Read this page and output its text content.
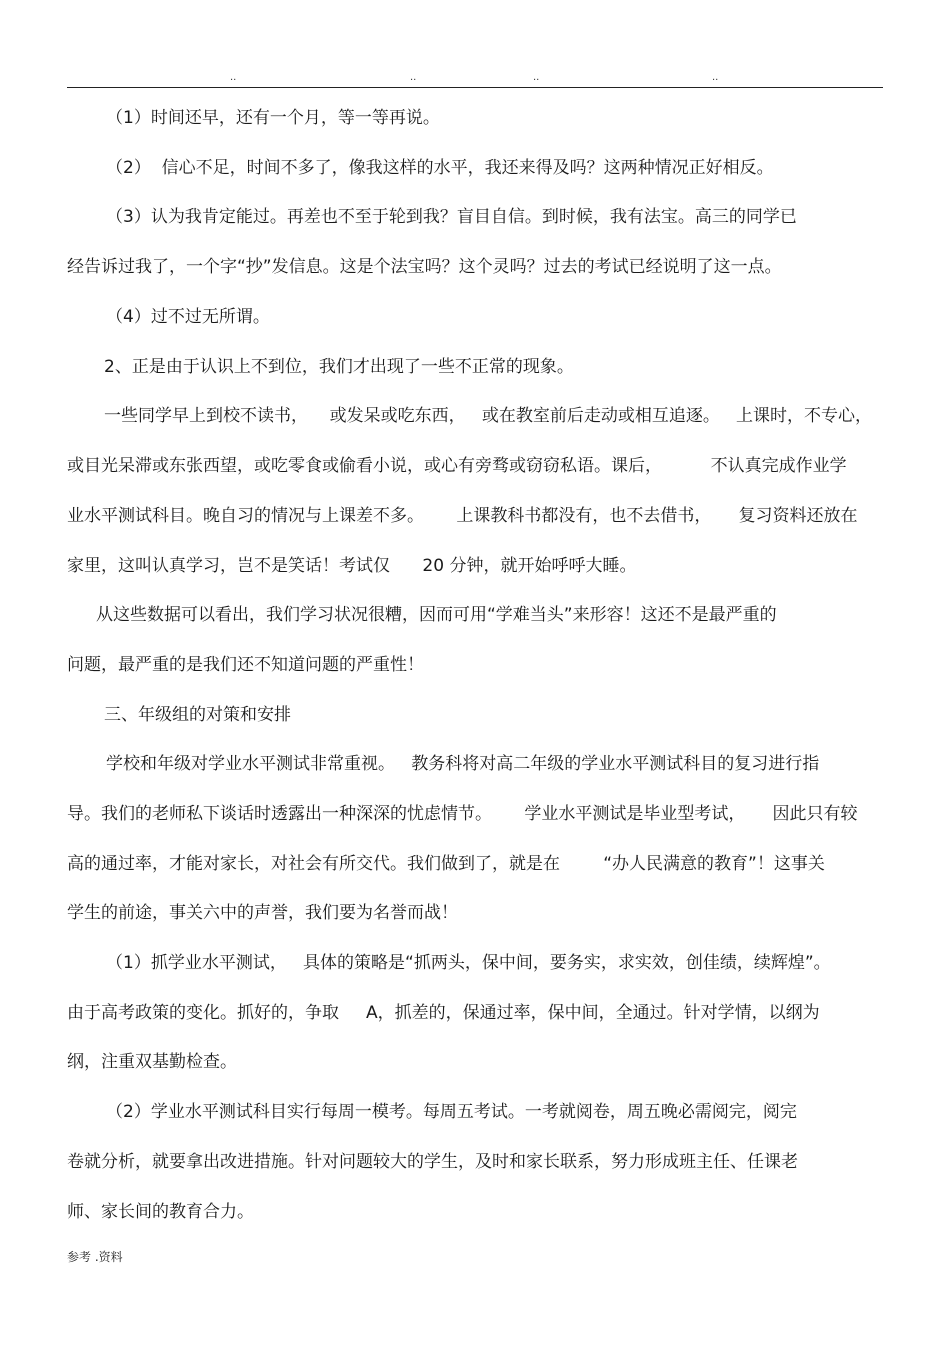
..	..	..	..
（1）时间还早，还有一个月，等一等再说。
（2）  信心不足，时间不多了，像我这样的水平，我还来得及吗？这两种情况正好相反。
（3）认为我肯定能过。再差也不至于轮到我？盲目自信。到时候，我有法宝。高三的同学已
经告诉过我了，一个字“抄”发信息。这是个法宝吗？这个灵吗？过去的考试已经说明了这一点。
（4）过不过无所谓。
2、正是由于认识上不到位，我们才出现了一些不正常的现象。
一些同学早上到校不读书，    或发呆或吃东西，   或在教室前后走动或相互追逐。   上课时，不专心，
或目光呆滞或东张西望，或吃零食或偷看小说，或心有旁骛或窃窃私语。课后，         不认真完成作业学
业水平测试科目。晚自习的情况与上课差不多。      上课教科书都没有，也不去借书，     复习资料还放在
家里，这叫认真学习，岂不是笑话！考试仅      20 分钟，就开始呼呼大睡。
从这些数据可以看出，我们学习状况很糟，因而可用“学难当头”来形容！这还不是最严重的
问题，最严重的是我们还不知道问题的严重性！
三、年级组的对策和安排
学校和年级对学业水平测试非常重视。   教务科将对高二年级的学业水平测试科目的复习进行指
导。我们的老师私下谈话时透露出一种深深的忧虑情节。      学业水平测试是毕业型考试，     因此只有较
高的通过率，才能对家长，对社会有所交代。我们做到了，就是在        “办人民满意的教育”！这事关
学生的前途，事关六中的声誉，我们要为名誉而战！
（1）抓学业水平测试，   具体的策略是“抓两头，保中间，要务实，求实效，创佳绩，续辉煌”。
由于高考政策的变化。抓好的，争取     A，抓差的，保通过率，保中间，全通过。针对学情，以纲为
纲，注重双基勤检查。
（2）学业水平测试科目实行每周一模考。每周五考试。一考就阅卷，周五晚必需阅完，阅完
卷就分析，就要拿出改进措施。针对问题较大的学生，及时和家长联系，努力形成班主任、任课老
师、家长间的教育合力。
参考 .资料
